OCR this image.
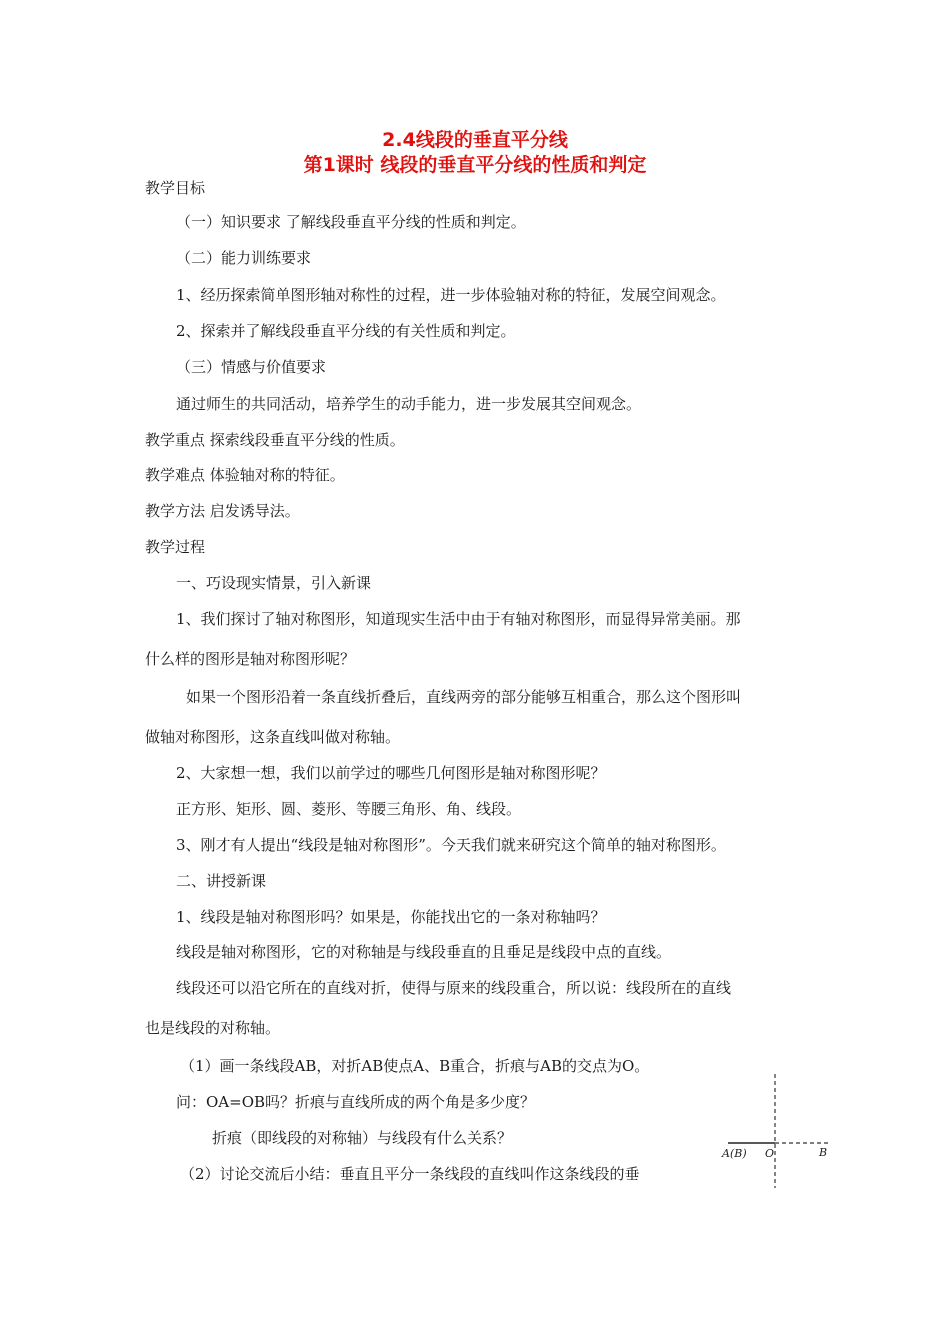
2.4线段的垂直平分线
第1课时 线段的垂直平分线的性质和判定
教学目标
（一）知识要求 了解线段垂直平分线的性质和判定。
（二）能力训练要求
1、经历探索简单图形轴对称性的过程，进一步体验轴对称的特征，发展空间观念。
2、探索并了解线段垂直平分线的有关性质和判定。
（三）情感与价值要求
通过师生的共同活动，培养学生的动手能力，进一步发展其空间观念。
教学重点 探索线段垂直平分线的性质。
教学难点 体验轴对称的特征。
教学方法 启发诱导法。
教学过程
一、巧设现实情景，引入新课
1、我们探讨了轴对称图形，知道现实生活中由于有轴对称图形，而显得异常美丽。那
什么样的图形是轴对称图形呢？
如果一个图形沿着一条直线折叠后，直线两旁的部分能够互相重合，那么这个图形叫
做轴对称图形，这条直线叫做对称轴。
2、大家想一想，我们以前学过的哪些几何图形是轴对称图形呢？
正方形、矩形、圆、菱形、等腰三角形、角、线段。
3、刚才有人提出“线段是轴对称图形”。今天我们就来研究这个简单的轴对称图形。
二、讲授新课
1、线段是轴对称图形吗？如果是，你能找出它的一条对称轴吗？
线段是轴对称图形，它的对称轴是与线段垂直的且垂足是线段中点的直线。
线段还可以沿它所在的直线对折，使得与原来的线段重合，所以说：线段所在的直线
也是线段的对称轴。
（1）画一条线段AB，对折AB使点A、B重合，折痕与AB的交点为O。
问：OA=OB吗？折痕与直线所成的两个角是多少度？
折痕（即线段的对称轴）与线段有什么关系？
（2）讨论交流后小结：垂直且平分一条线段的直线叫作这条线段的垂
A(B) O	B
